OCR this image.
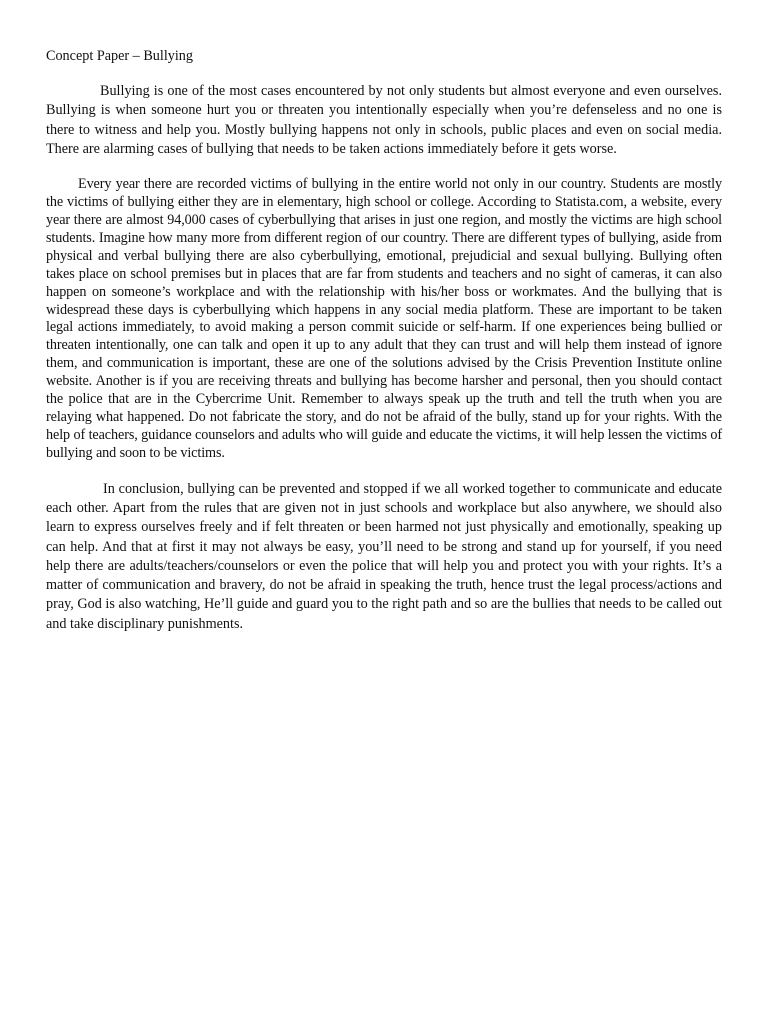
Concept Paper – Bullying

Bullying is one of the most cases encountered by not only students but almost everyone and even ourselves. Bullying is when someone hurt you or threaten you intentionally especially when you’re defenseless and no one is there to witness and help you. Mostly bullying happens not only in schools, public places and even on social media. There are alarming cases of bullying that needs to be taken actions immediately before it gets worse.

Every year there are recorded victims of bullying in the entire world not only in our country. Students are mostly the victims of bullying either they are in elementary, high school or college. According to Statista.com, a website, every year there are almost 94,000 cases of cyberbullying that arises in just one region, and mostly the victims are high school students. Imagine how many more from different region of our country. There are different types of bullying, aside from physical and verbal bullying there are also cyberbullying, emotional, prejudicial and sexual bullying. Bullying often takes place on school premises but in places that are far from students and teachers and no sight of cameras, it can also happen on someone’s workplace and with the relationship with his/her boss or workmates. And the bullying that is widespread these days is cyberbullying which happens in any social media platform. These are important to be taken legal actions immediately, to avoid making a person commit suicide or self-harm. If one experiences being bullied or threaten intentionally, one can talk and open it up to any adult that they can trust and will help them instead of ignore them, and communication is important, these are one of the solutions advised by the Crisis Prevention Institute online website. Another is if you are receiving threats and bullying has become harsher and personal, then you should contact the police that are in the Cybercrime Unit. Remember to always speak up the truth and tell the truth when you are relaying what happened. Do not fabricate the story, and do not be afraid of the bully, stand up for your rights. With the help of teachers, guidance counselors and adults who will guide and educate the victims, it will help lessen the victims of bullying and soon to be victims.

In conclusion, bullying can be prevented and stopped if we all worked together to communicate and educate each other. Apart from the rules that are given not in just schools and workplace but also anywhere, we should also learn to express ourselves freely and if felt threaten or been harmed not just physically and emotionally, speaking up can help. And that at first it may not always be easy, you’ll need to be strong and stand up for yourself, if you need help there are adults/teachers/counselors or even the police that will help you and protect you with your rights. It’s a matter of communication and bravery, do not be afraid in speaking the truth, hence trust the legal process/actions and pray, God is also watching, He’ll guide and guard you to the right path and so are the bullies that needs to be called out and take disciplinary punishments.
